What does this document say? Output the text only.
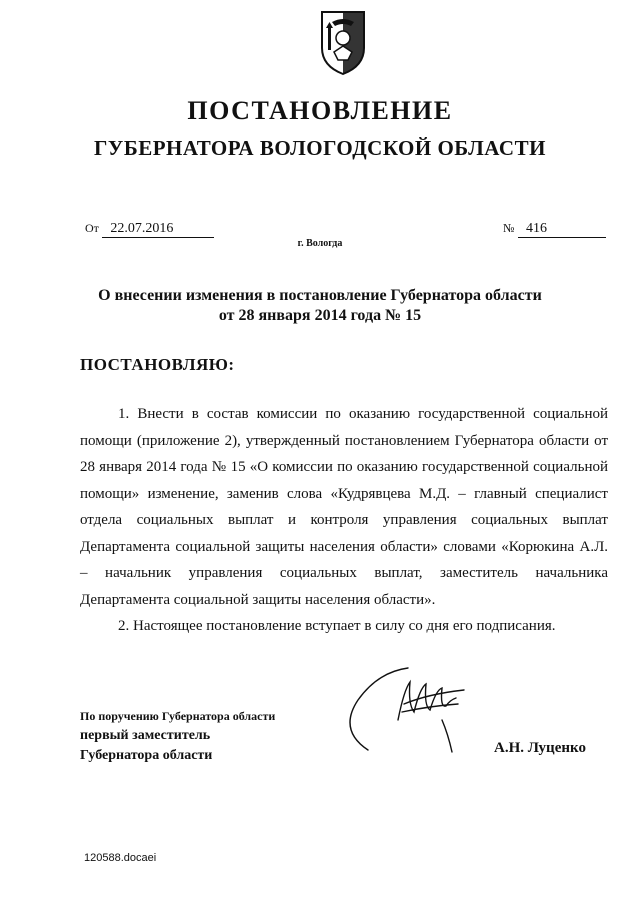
ПОСТАНОВЛЕНИЕ
ГУБЕРНАТОРА ВОЛОГОДСКОЙ ОБЛАСТИ
От 22.07.2016	№ 416
г. Вологда
О внесении изменения в постановление Губернатора области
от 28 января 2014 года № 15
ПОСТАНОВЛЯЮ:

1. Внести в состав комиссии по оказанию государственной социальной помощи (приложение 2), утвержденный постановлением Губернатора области от 28 января 2014 года № 15 «О комиссии по оказанию государственной социальной помощи» изменение, заменив слова «Кудрявцева М.Д. – главный специалист отдела социальных выплат и контроля управления социальных выплат Департамента социальной защиты населения области» словами «Корюкина А.Л. – начальник управления социальных выплат, заместитель начальника Департамента социальной защиты населения области».

2. Настоящее постановление вступает в силу со дня его подписания.

По поручению Губернатора области
первый заместитель
Губернатора области	А.Н. Луценко
120588.docaei
